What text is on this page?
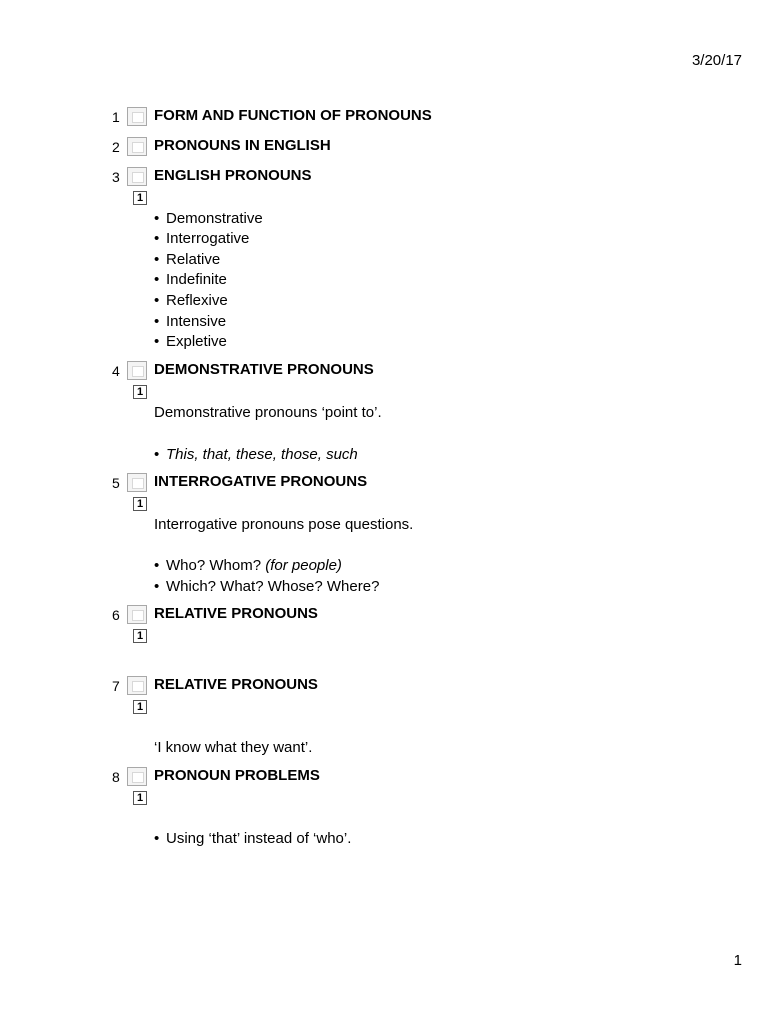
3/20/17
1 FORM AND FUNCTION OF PRONOUNS
2 PRONOUNS IN ENGLISH
3 ENGLISH PRONOUNS
1
• Demonstrative
• Interrogative
• Relative
• Indefinite
• Reflexive
• Intensive
• Expletive
4 DEMONSTRATIVE PRONOUNS
1
Demonstrative pronouns ‘point to’.
• This, that, these, those, such
5 INTERROGATIVE PRONOUNS
1
Interrogative pronouns pose questions.
• Who? Whom? (for people)
• Which? What? Whose? Where?
6 RELATIVE PRONOUNS
1
7 RELATIVE PRONOUNS
1
‘I know what they want’.
8 PRONOUN PROBLEMS
1
• Using ‘that’ instead of ‘who’.
1
